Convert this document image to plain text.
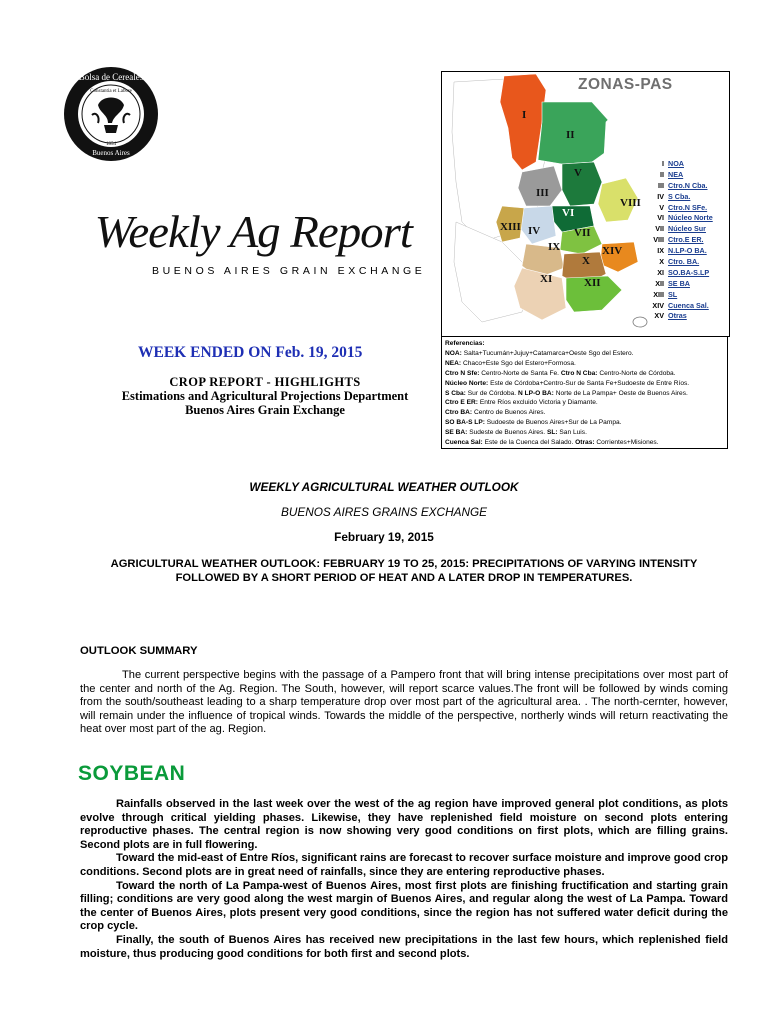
Bolsa de Cereales
Buenos Aires
Constantia et Labore
1854
Weekly Ag Report
BUENOS AIRES GRAIN EXCHANGE
WEEK ENDED ON Feb. 19, 2015
CROP REPORT - HIGHLIGHTS
Estimations and Agricultural Projections Department
Buenos Aires Grain Exchange
I
II
III
IV
V
VI
VII
VIII
IX
X
XI	XII
XIII
XIV
ZONAS-PAS
I NOA
II NEA
III Ctro.N Cba.
IV S Cba.
V Ctro.N SFe.
VI Núcleo Norte
VII Núcleo Sur
VIII Ctro.E ER.
IX N.LP-O BA.
X Ctro. BA.
XI SO.BA-S.LP
XII SE BA
XIII SL
XIV Cuenca Sal.
XV Otras
Referencias:
NOA: Salta+Tucumán+Jujuy+Catamarca+Oeste Sgo del Estero.
NEA: Chaco+Este Sgo del Estero+Formosa.
Ctro N Sfe: Centro-Norte de Santa Fe. Ctro N Cba: Centro-Norte de Córdoba.
Núcleo Norte: Este de Córdoba+Centro-Sur de Santa Fe+Sudoeste de Entre Ríos.
S Cba: Sur de Córdoba. N LP-O BA: Norte de La Pampa+ Oeste de Buenos Aires.
Ctro E ER: Entre Ríos excluido Victoria y Diamante.
Ctro BA: Centro de Buenos Aires.
SO BA-S LP: Sudoeste de Buenos Aires+Sur de La Pampa.
SE BA: Sudeste de Buenos Aires. SL: San Luis.
Cuenca Sal: Este de la Cuenca del Salado. Otras: Corrientes+Misiones.
WEEKLY AGRICULTURAL WEATHER OUTLOOK
BUENOS AIRES GRAINS EXCHANGE
February 19, 2015
AGRICULTURAL WEATHER OUTLOOK: FEBRUARY 19 TO 25, 2015: PRECIPITATIONS OF VARYING INTENSITY FOLLOWED BY A SHORT PERIOD OF HEAT AND A LATER DROP IN TEMPERATURES.
OUTLOOK SUMMARY
The current perspective begins with the passage of a Pampero front that will bring intense precipitations over most part of the center and north of the Ag. Region. The South, however, will report scarce values.The front will be followed by winds coming from the south/southeast leading to a sharp temperature drop over most part of the agricultural area. . The north-cernter, however, will remain under the influence of tropical winds. Towards the middle of the perspective, northerly winds will return reactivating the heat over most part of the ag. Region.
SOYBEAN

Rainfalls observed in the last week over the west of the ag region have improved general plot conditions, as plots evolve through critical yielding phases. Likewise, they have replenished field moisture on second plots entering reproductive phases. The central region is now showing very good conditions on first plots, which are filling grains. Second plots are in full flowering.

Toward the mid-east of Entre Ríos, significant rains are forecast to recover surface moisture and improve good crop conditions. Second plots are in great need of rainfalls, since they are entering reproductive phases.

Toward the north of La Pampa-west of Buenos Aires, most first plots are finishing fructification and starting grain filling; conditions are very good along the west margin of Buenos Aires, and regular along the west of La Pampa. Toward the center of Buenos Aires, plots present very good conditions, since the region has not suffered water deficit during the crop cycle.

Finally, the south of Buenos Aires has received new precipitations in the last few hours, which replenished field moisture, thus producing good conditions for both first and second plots.
